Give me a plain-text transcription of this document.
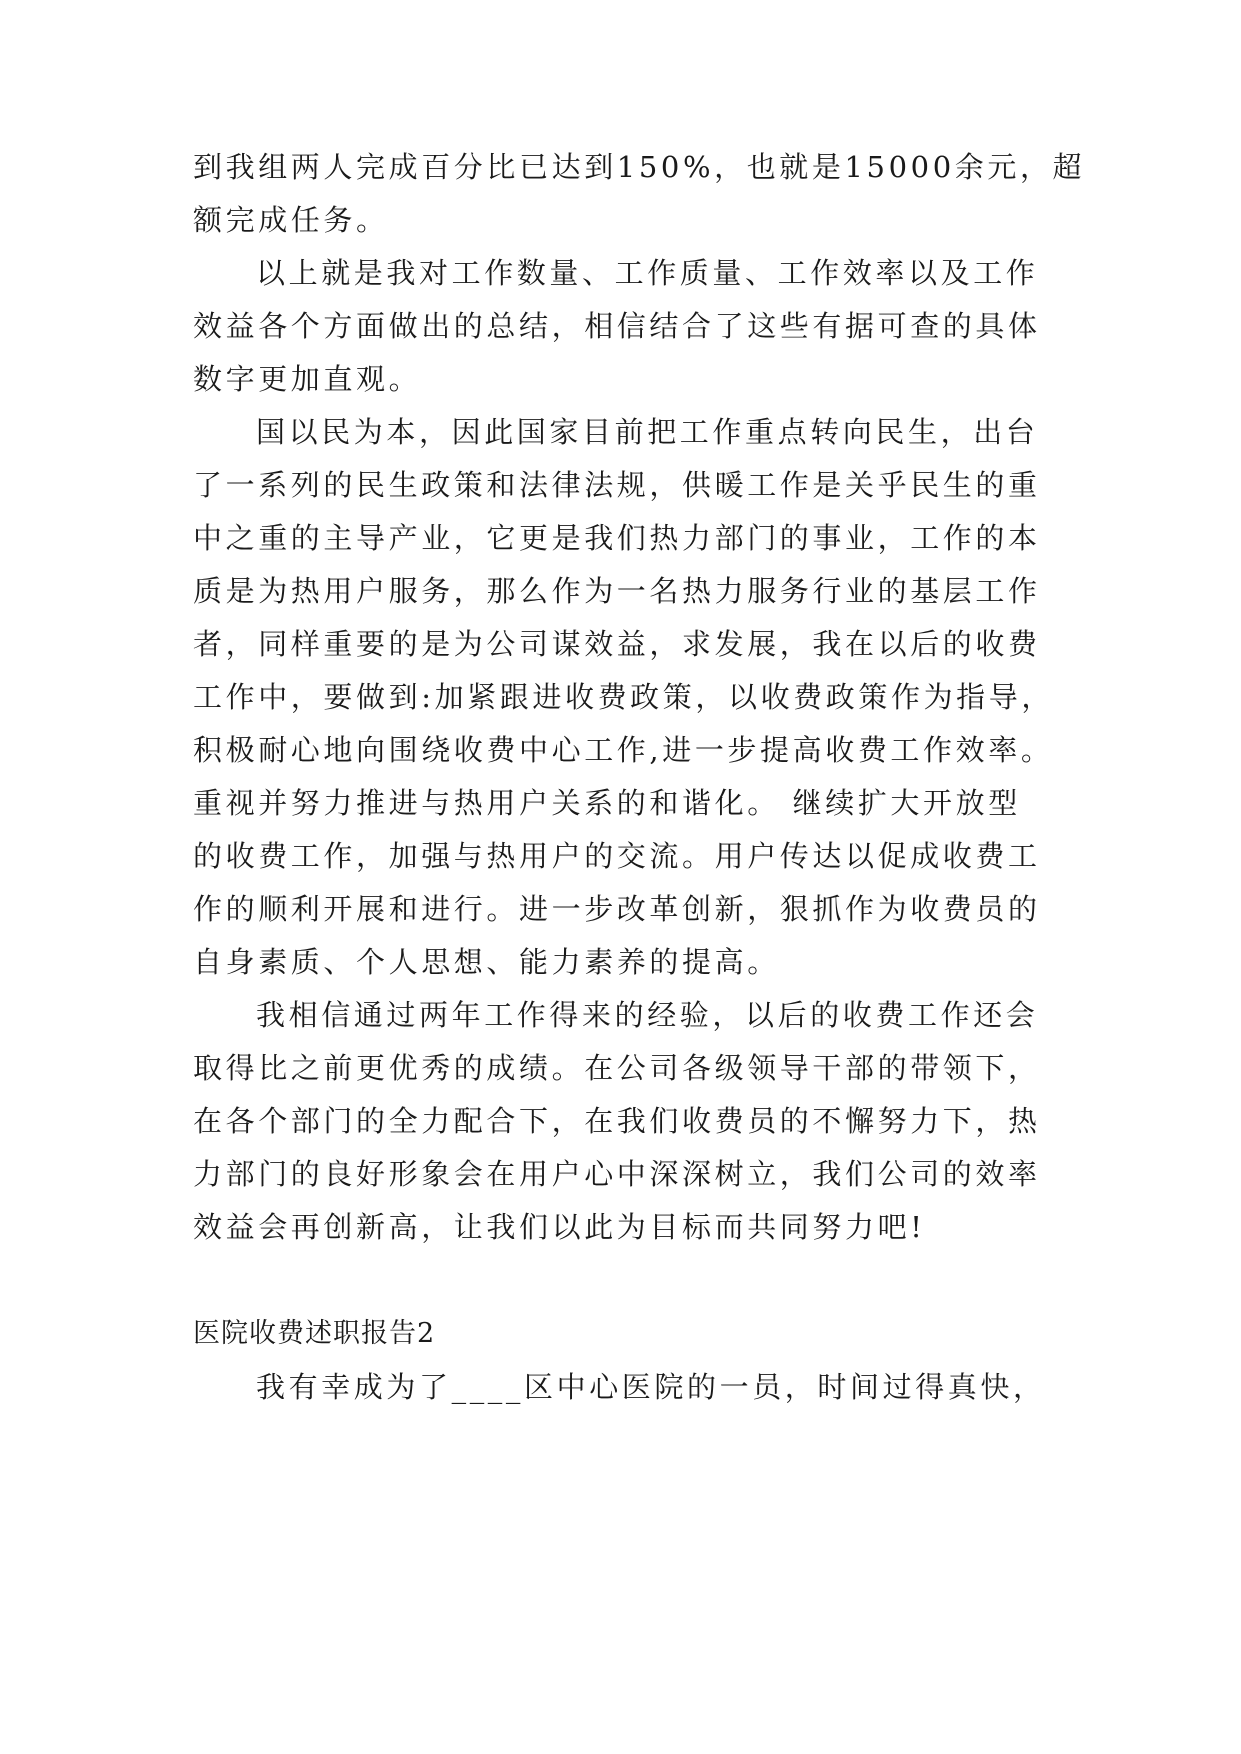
到我组两人完成百分比已达到150%，也就是15000余元，超
额完成任务。
以上就是我对工作数量、工作质量、工作效率以及工作
效益各个方面做出的总结，相信结合了这些有据可查的具体
数字更加直观。
国以民为本，因此国家目前把工作重点转向民生，出台
了一系列的民生政策和法律法规，供暖工作是关乎民生的重
中之重的主导产业，它更是我们热力部门的事业，工作的本
质是为热用户服务，那么作为一名热力服务行业的基层工作
者，同样重要的是为公司谋效益，求发展，我在以后的收费
工作中，要做到:加紧跟进收费政策，以收费政策作为指导，
积极耐心地向围绕收费中心工作,进一步提高收费工作效率。
重视并努力推进与热用户关系的和谐化。 继续扩大开放型
的收费工作，加强与热用户的交流。用户传达以促成收费工
作的顺利开展和进行。进一步改革创新，狠抓作为收费员的
自身素质、个人思想、能力素养的提高。
我相信通过两年工作得来的经验，以后的收费工作还会
取得比之前更优秀的成绩。在公司各级领导干部的带领下，
在各个部门的全力配合下，在我们收费员的不懈努力下，热
力部门的良好形象会在用户心中深深树立，我们公司的效率
效益会再创新高，让我们以此为目标而共同努力吧!
医院收费述职报告2
我有幸成为了____区中心医院的一员，时间过得真快，
